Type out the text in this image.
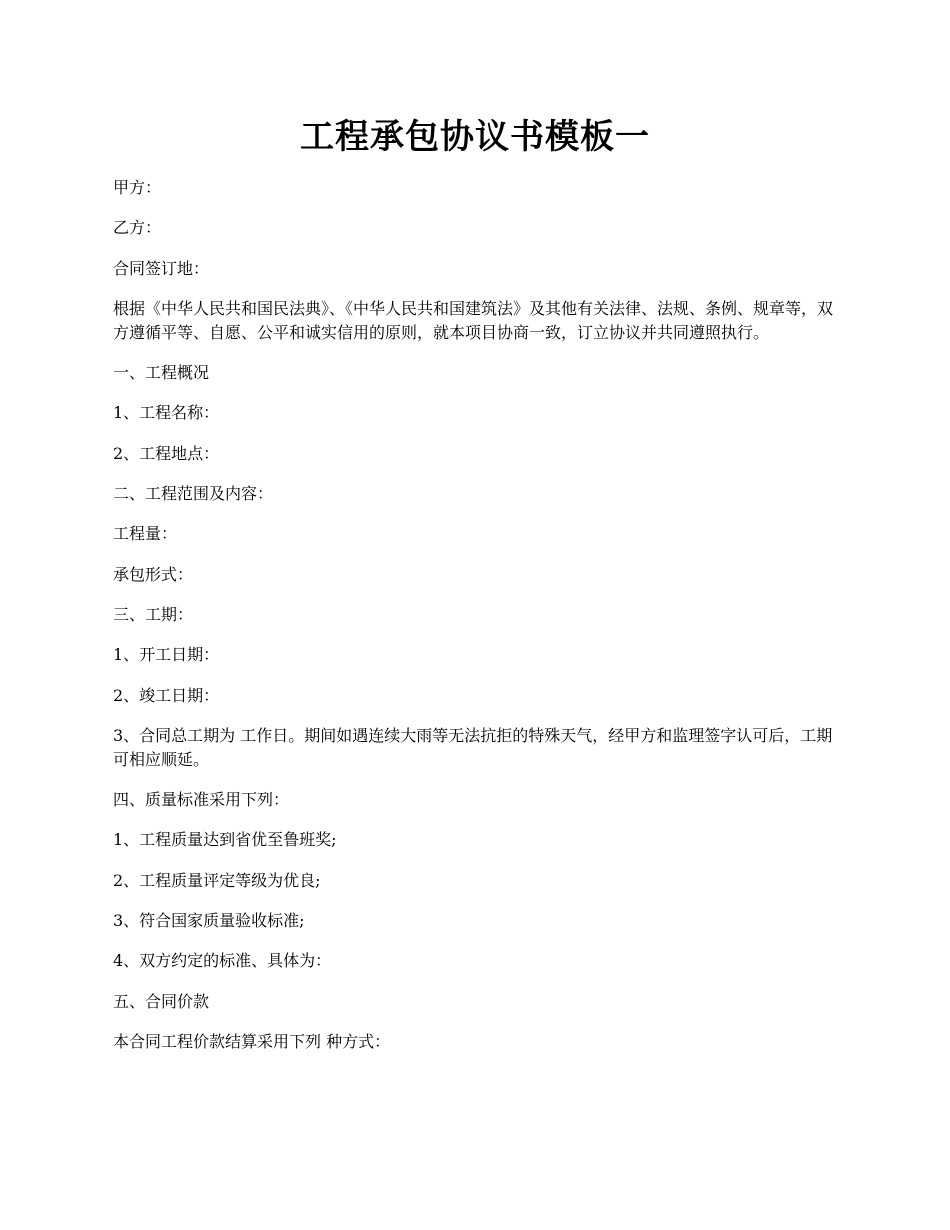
工程承包协议书模板一

甲方：

乙方：

合同签订地：

根据《中华人民共和国民法典》、《中华人民共和国建筑法》及其他有关法律、法规、条例、规章等，双方遵循平等、自愿、公平和诚实信用的原则，就本项目协商一致，订立协议并共同遵照执行。

一、工程概况

1、工程名称：

2、工程地点：

二、工程范围及内容：

工程量：

承包形式：

三、工期：

1、开工日期：

2、竣工日期：

3、合同总工期为 工作日。期间如遇连续大雨等无法抗拒的特殊天气，经甲方和监理签字认可后，工期可相应顺延。

四、质量标准采用下列：

1、工程质量达到省优至鲁班奖;

2、工程质量评定等级为优良;

3、符合国家质量验收标准;

4、双方约定的标准、具体为：

五、合同价款

本合同工程价款结算采用下列 种方式：
